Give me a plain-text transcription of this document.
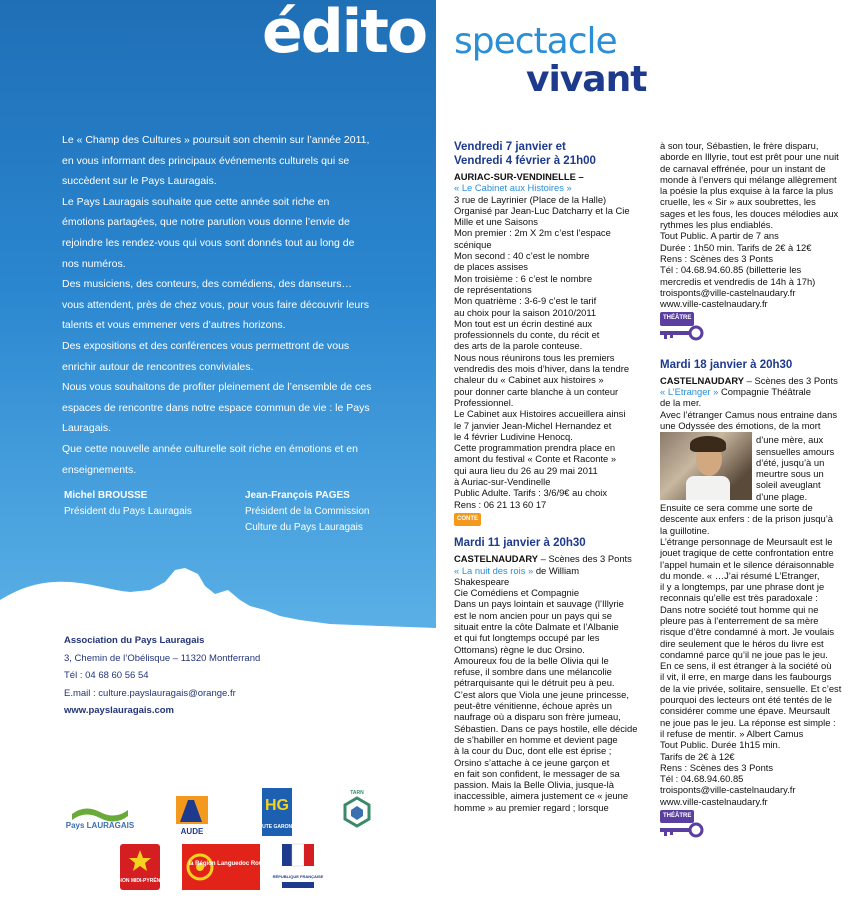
édito

Le « Champ des Cultures » poursuit son chemin sur l’année 2011, en vous informant des principaux événements culturels qui se succèdent sur le Pays Lauragais.

Le Pays Lauragais souhaite que cette année soit riche en émotions partagées, que notre parution vous donne l’envie de rejoindre les rendez-vous qui vous sont donnés tout au long de nos numéros.

Des musiciens, des conteurs, des comédiens, des danseurs… vous attendent, près de chez vous, pour vous faire découvrir leurs talents et vous emmener vers d’autres horizons.

Des expositions et des conférences vous permettront de vous enrichir autour de rencontres conviviales.

Nous vous souhaitons de profiter pleinement de l’ensemble de ces espaces de rencontre dans notre espace commun de vie : le Pays Lauragais.

Que cette nouvelle année culturelle soit riche en émotions et en enseignements.

Michel BROUSSE
Président du Pays Lauragais
Jean-François PAGES
Président de la Commission
Culture du Pays Lauragais
Association du Pays Lauragais
3, Chemin de l’Obélisque – 11320 Montferrand
Tél : 04 68 60 56 54
E.mail : culture.payslauragais@orange.fr

www.payslauragais.com
Pays LAURAGAIS
AUDE
HG
HAUTE GARONNE
TARN
RÉGION MIDI-PYRÉNÉES
la Région Languedoc Roussillon
RÉPUBLIQUE FRANÇAISE
spectacle
vivant
Vendredi 7 janvier et
Vendredi 4 février à 21h00
AURIAC-SUR-VENDINELLE –
« Le Cabinet aux Histoires »
3 rue de Layrinier (Place de la Halle)
Organisé par Jean-Luc Datcharry et la Cie
Mille et une Saisons
Mon premier : 2m X 2m c’est l’espace
scénique
Mon second : 40 c’est le nombre
de places assises
Mon troisième : 6 c’est le nombre
de représentations
Mon quatrième : 3-6-9 c’est le tarif
au choix pour la saison 2010/2011
Mon tout est un écrin destiné aux
professionnels du conte, du récit et
des arts de la parole conteuse.
Nous nous réunirons tous les premiers
vendredis des mois d’hiver, dans la tendre
chaleur du « Cabinet aux histoires »
pour donner carte blanche à un conteur
Professionnel.
Le Cabinet aux Histoires accueillera ainsi
le 7 janvier Jean-Michel Hernandez et
le 4 février Ludivine Henocq.
Cette programmation prendra place en
amont du festival « Conte et Raconte »
qui aura lieu du 26 au 29 mai 2011
à Auriac-sur-Vendinelle
Public Adulte. Tarifs : 3/6/9€ au choix
Rens : 06 21 13 60 17
CONTE
Mardi 11 janvier à 20h30
CASTELNAUDARY – Scènes des 3 Ponts
« La nuit des rois » de William
Shakespeare
Cie Comédiens et Compagnie
Dans un pays lointain et sauvage (l’Illyrie
est le nom ancien pour un pays qui se
situait entre la côte Dalmate et l’Albanie
et qui fut longtemps occupé par les
Ottomans) règne le duc Orsino.
Amoureux fou de la belle Olivia qui le
refuse, il sombre dans une mélancolie
pétrarquisante qui le détruit peu à peu.
C’est alors que Viola une jeune princesse,
peut-être vénitienne, échoue après un
naufrage où a disparu son frère jumeau,
Sébastien. Dans ce pays hostile, elle décide
de s’habiller en homme et devient page
à la cour du Duc, dont elle est éprise ;
Orsino s’attache à ce jeune garçon et
en fait son confident, le messager de sa
passion. Mais la Belle Olivia, jusque-là
inaccessible, aimera justement ce « jeune
homme » au premier regard ; lorsque
à son tour, Sébastien, le frère disparu,
aborde en Illyrie, tout est prêt pour une nuit
de carnaval effrénée, pour un instant de
monde à l’envers qui mélange allègrement
la poésie la plus exquise à la farce la plus
cruelle, les « Sir » aux soubrettes, les
sages et les fous, les douces mélodies aux
rythmes les plus endiablés.
Tout Public. A partir de 7 ans
Durée : 1h50 min. Tarifs de 2€ à 12€
Rens : Scènes des 3 Ponts
Tél : 04.68.94.60.85 (billetterie les
mercredis et vendredis de 14h à 17h)
troisponts@ville-castelnaudary.fr
www.ville-castelnaudary.fr
THÉÂTRE
Mardi 18 janvier à 20h30
CASTELNAUDARY – Scènes des 3 Ponts
« L’Etranger » Compagnie Théâtrale
de la mer.
Avec l’étranger Camus nous entraine dans
une Odyssée des émotions, de la mort
d’une mère, aux
sensuelles amours
d’été, jusqu’à un
meurtre sous un
soleil aveuglant
d’une plage.
Ensuite ce sera comme une sorte de
descente aux enfers : de la prison jusqu’à
la guillotine.
L’étrange personnage de Meursault est le
jouet tragique de cette confrontation entre
l’appel humain et le silence déraisonnable
du monde. « …J’ai résumé L’Etranger,
il y a longtemps, par une phrase dont je
reconnais qu’elle est très paradoxale :
Dans notre société tout homme qui ne
pleure pas à l’enterrement de sa mère
risque d’être condamné à mort. Je voulais
dire seulement que le héros du livre est
condamné parce qu’il ne joue pas le jeu.
En ce sens, il est étranger à la société où
il vit, il erre, en marge dans les faubourgs
de la vie privée, solitaire, sensuelle. Et c’est
pourquoi des lecteurs ont été tentés de le
considérer comme une épave. Meursault
ne joue pas le jeu. La réponse est simple :
il refuse de mentir. » Albert Camus
Tout Public. Durée 1h15 min.
Tarifs de 2€ à 12€
Rens : Scènes des 3 Ponts
Tél : 04.68.94.60.85
troisponts@ville-castelnaudary.fr
www.ville-castelnaudary.fr
THÉÂTRE
